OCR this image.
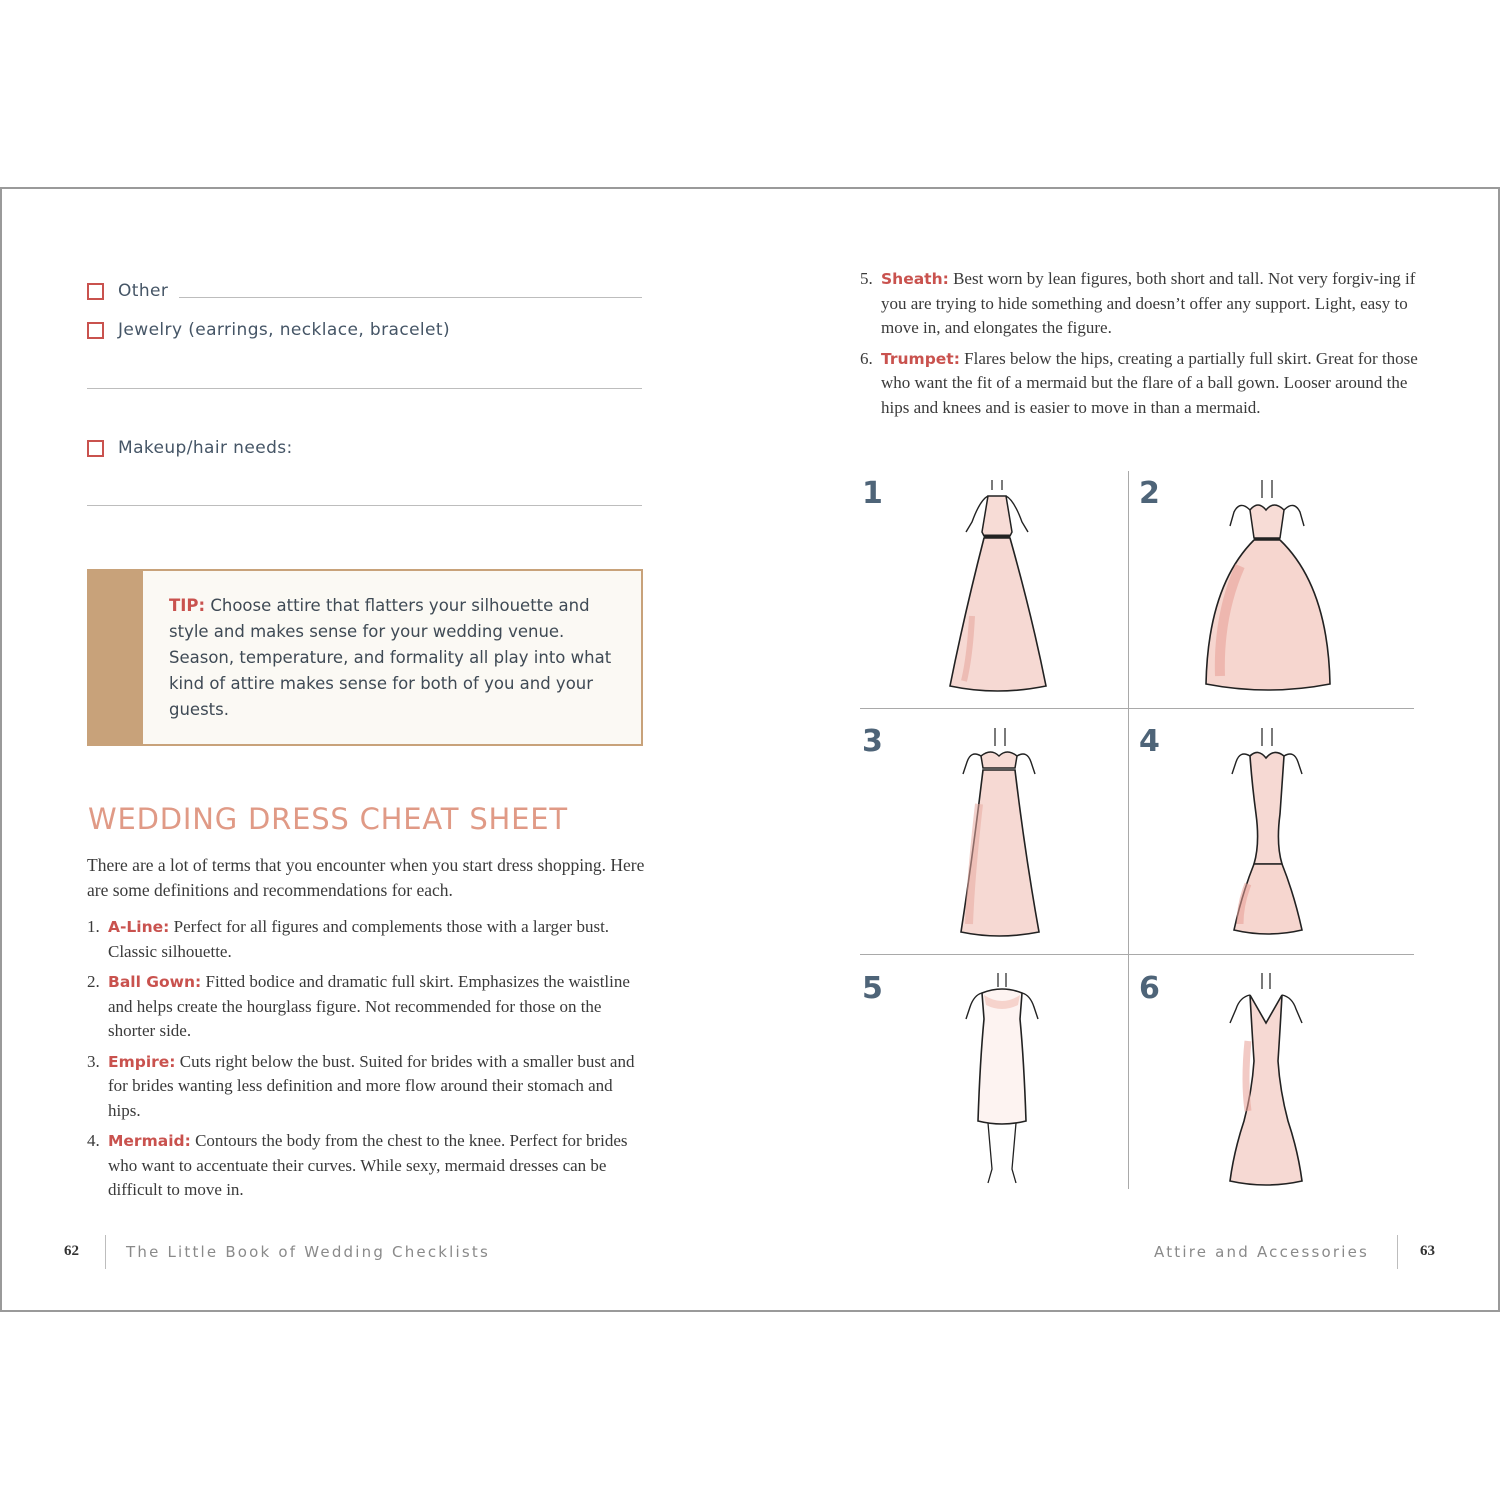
Other
Jewelry (earrings, necklace, bracelet)
Makeup/hair needs:
TIP: Choose attire that flatters your silhouette and style and makes sense for your wedding venue. Season, temperature, and formality all play into what kind of attire makes sense for both of you and your guests.
WEDDING DRESS CHEAT SHEET

There are a lot of terms that you encounter when you start dress shopping. Here are some definitions and recommendations for each.

1. A-Line: Perfect for all figures and complements those with a larger bust. Classic silhouette.
2. Ball Gown: Fitted bodice and dramatic full skirt. Emphasizes the waistline and helps create the hourglass figure. Not recommended for those on the shorter side.
3. Empire: Cuts right below the bust. Suited for brides with a smaller bust and for brides wanting less definition and more flow around their stomach and hips.
4. Mermaid: Contours the body from the chest to the knee. Perfect for brides who want to accentuate their curves. While sexy, mermaid dresses can be difficult to move in.
62	The Little Book of Wedding Checklists
5. Sheath: Best worn by lean figures, both short and tall. Not very forgiv-ing if you are trying to hide something and doesn’t offer any support. Light, easy to move in, and elongates the figure.
6. Trumpet: Flares below the hips, creating a partially full skirt. Great for those who want the fit of a mermaid but the flare of a ball gown. Looser around the hips and knees and is easier to move in than a mermaid.
1	2
3	4
5	6
Attire and Accessories	63
